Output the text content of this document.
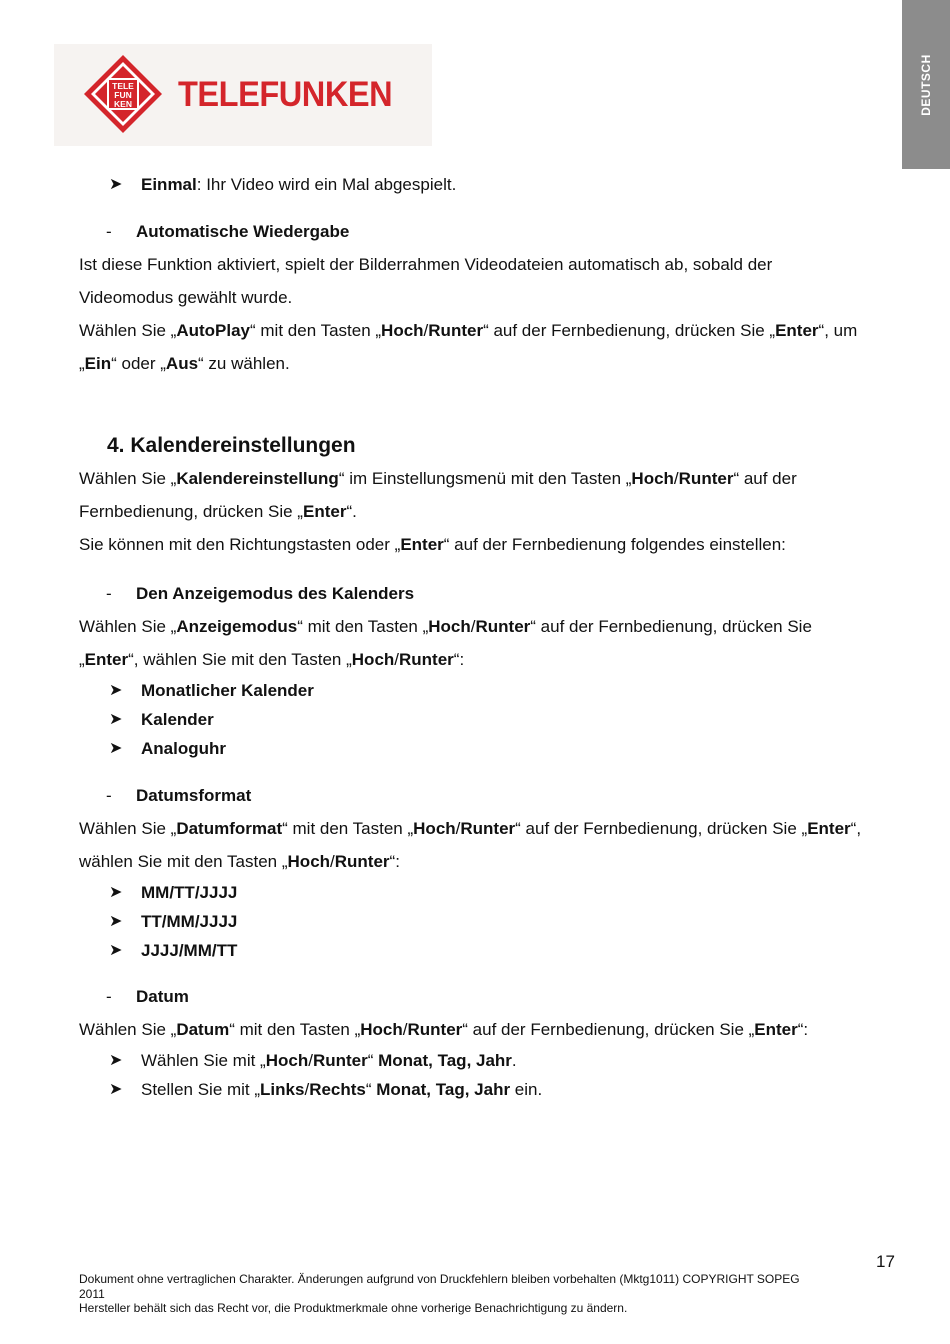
DEUTSCH
TELE
FUN
KEN TELEFUNKEN
➤ Einmal: Ihr Video wird ein Mal abgespielt.
- Automatische Wiedergabe
Ist diese Funktion aktiviert, spielt der Bilderrahmen Videodateien automatisch ab, sobald der
Videomodus gewählt wurde.
Wählen Sie „AutoPlay“ mit den Tasten „Hoch/Runter“ auf der Fernbedienung, drücken Sie „Enter“, um
„Ein“ oder „Aus“ zu wählen.
4. Kalendereinstellungen
Wählen Sie „Kalendereinstellung“ im Einstellungsmenü mit den Tasten „Hoch/Runter“ auf der
Fernbedienung, drücken Sie „Enter“.
Sie können mit den Richtungstasten oder „Enter“ auf der Fernbedienung folgendes einstellen:
- Den Anzeigemodus des Kalenders
Wählen Sie „Anzeigemodus“ mit den Tasten „Hoch/Runter“ auf der Fernbedienung, drücken Sie
„Enter“, wählen Sie mit den Tasten „Hoch/Runter“:
➤ Monatlicher Kalender
➤ Kalender
➤ Analoguhr
- Datumsformat
Wählen Sie „Datumformat“ mit den Tasten „Hoch/Runter“ auf der Fernbedienung, drücken Sie „Enter“,
wählen Sie mit den Tasten „Hoch/Runter“:
➤ MM/TT/JJJJ
➤ TT/MM/JJJJ
➤ JJJJ/MM/TT
- Datum
Wählen Sie „Datum“ mit den Tasten „Hoch/Runter“ auf der Fernbedienung, drücken Sie „Enter“:
➤ Wählen Sie mit „Hoch/Runter“ Monat, Tag, Jahr.
➤ Stellen Sie mit „Links/Rechts“ Monat, Tag, Jahr ein.
17
Dokument ohne vertraglichen Charakter. Änderungen aufgrund von Druckfehlern bleiben vorbehalten (Mktg1011) COPYRIGHT SOPEG
2011
Hersteller behält sich das Recht vor, die Produktmerkmale ohne vorherige Benachrichtigung zu ändern.
